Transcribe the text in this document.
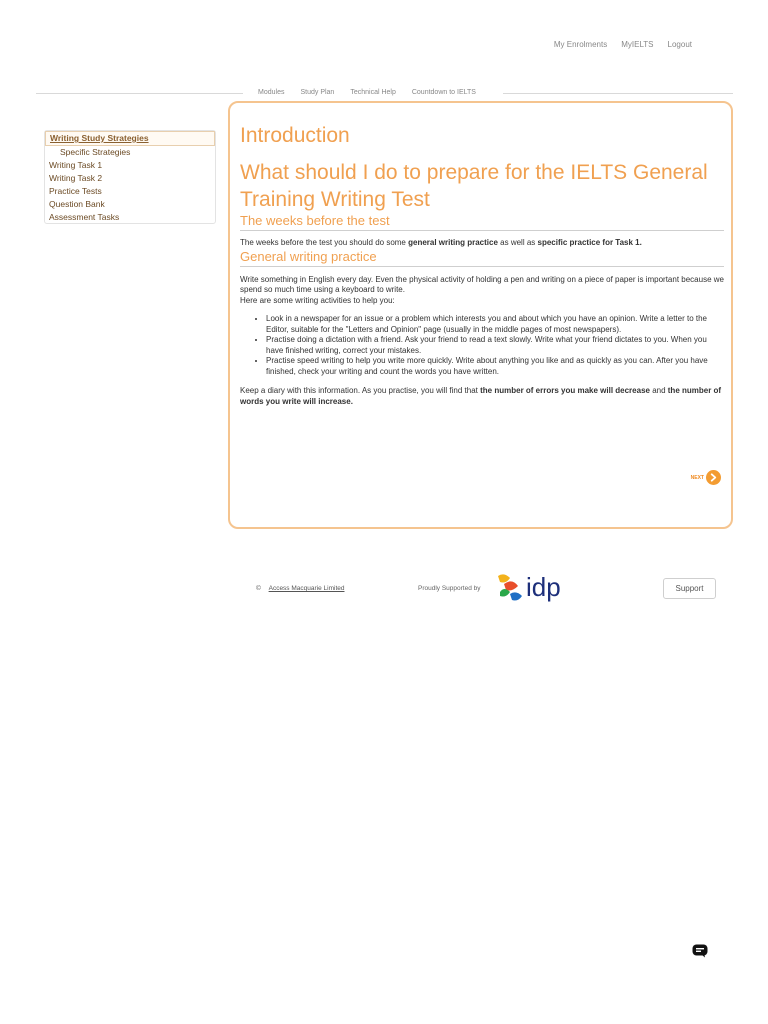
My Enrolments MyIELTS Logout
Modules	Study Plan	Technical Help	Countdown to IELTS
Writing Study Strategies
Specific Strategies
Writing Task 1
Writing Task 2
Practice Tests
Question Bank
Assessment Tasks
Introduction
What should I do to prepare for the IELTS General Training Writing Test
The weeks before the test

The weeks before the test you should do some general writing practice as well as specific practice for Task 1.

General writing practice

Write something in English every day. Even the physical activity of holding a pen and writing on a piece of paper is important because we spend so much time using a keyboard to write.

Here are some writing activities to help you:

• Look in a newspaper for an issue or a problem which interests you and about which you have an opinion. Write a letter to the Editor, suitable for the "Letters and Opinion" page (usually in the middle pages of most newspapers).
• Practise doing a dictation with a friend. Ask your friend to read a text slowly. Write what your friend dictates to you. When you have finished writing, correct your mistakes.
• Practise speed writing to help you write more quickly. Write about anything you like and as quickly as you can. After you have finished, check your writing and count the words you have written.

Keep a diary with this information. As you practise, you will find that the number of errors you make will decrease and the number of words you write will increase.

NEXT
© Access Macquarie Limited	Proudly Supported by idp	Support
